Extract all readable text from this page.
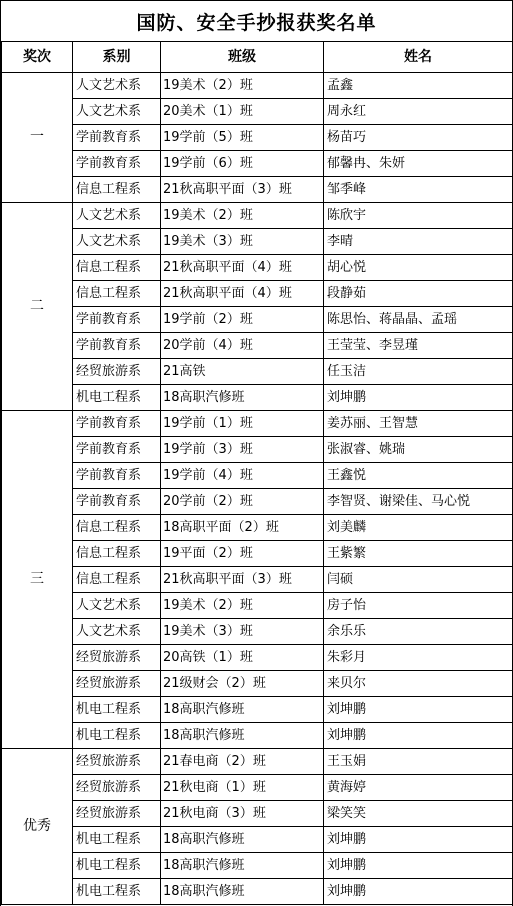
国防、安全手抄报获奖名单
奖次	系别	班级	姓名
一	人文艺术系	19美术（2）班	孟鑫
	人文艺术系	20美术（1）班	周永红
	学前教育系	19学前（5）班	杨苗巧
	学前教育系	19学前（6）班	郁馨冉、朱妍
	信息工程系	21秋高职平面（3）班	邹季峰
二	人文艺术系	19美术（2）班	陈欣宇
	人文艺术系	19美术（3）班	李晴
	信息工程系	21秋高职平面（4）班	胡心悦
	信息工程系	21秋高职平面（4）班	段静茹
	学前教育系	19学前（2）班	陈思怡、蒋晶晶、孟瑶
	学前教育系	20学前（4）班	王莹莹、李昱瑾
	经贸旅游系	21高铁	任玉洁
	机电工程系	18高职汽修班	刘坤鹏
三	学前教育系	19学前（1）班	姜苏丽、王智慧
	学前教育系	19学前（3）班	张淑睿、姚瑞
	学前教育系	19学前（4）班	王鑫悦
	学前教育系	20学前（2）班	李智贤、谢梁佳、马心悦
	信息工程系	18高职平面（2）班	刘美麟
	信息工程系	19平面（2）班	王紫繁
	信息工程系	21秋高职平面（3）班	闫硕
	人文艺术系	19美术（2）班	房子怡
	人文艺术系	19美术（3）班	余乐乐
	经贸旅游系	20高铁（1）班	朱彩月
	经贸旅游系	21级财会（2）班	来贝尔
	机电工程系	18高职汽修班	刘坤鹏
	机电工程系	18高职汽修班	刘坤鹏
优秀	经贸旅游系	21春电商（2）班	王玉娟
	经贸旅游系	21秋电商（1）班	黄海婷
	经贸旅游系	21秋电商（3）班	梁笑笑
	机电工程系	18高职汽修班	刘坤鹏
	机电工程系	18高职汽修班	刘坤鹏
	机电工程系	18高职汽修班	刘坤鹏
